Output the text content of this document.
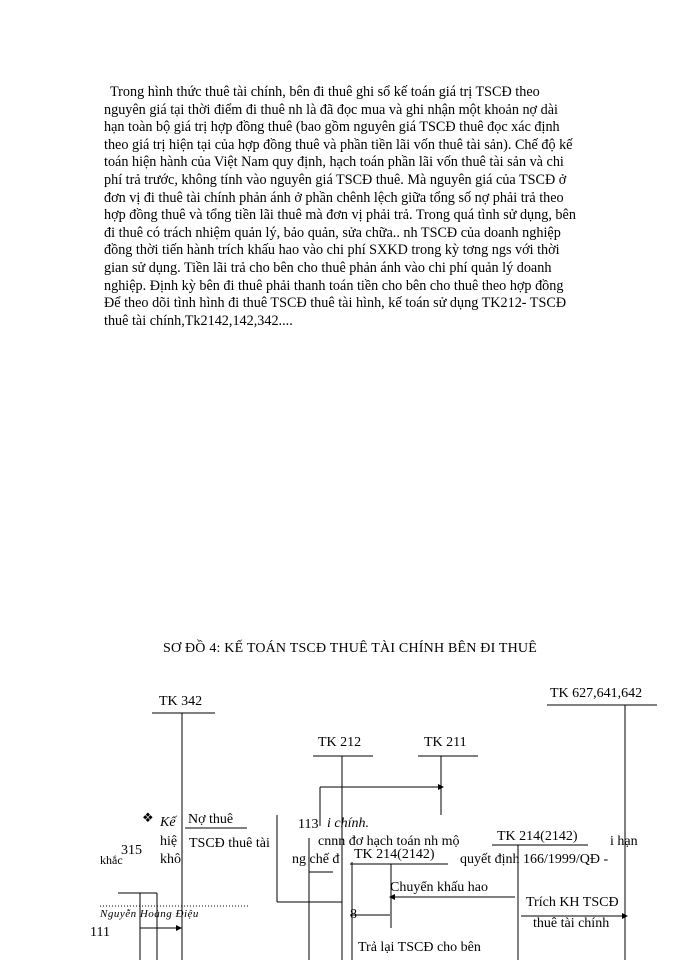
Trong hình thức thuê tài chính, bên đi thuê ghi sổ kế toán giá trị TSCĐ theo
nguyên giá tại thời điểm đi thuê nh là đã đọc mua và ghi nhận một khoản nợ dài
hạn toàn bộ giá trị hợp đồng thuê (bao gồm nguyên giá TSCĐ thuê đọc xác định
theo giá trị hiện tại của hợp đồng thuê và phần tiền lãi vốn thuê tài sản). Chế độ kế
toán hiện hành của Việt Nam quy định, hạch toán phần lãi vốn thuê tài sản và chi
phí trả trước, không tính vào nguyên giá TSCĐ thuê. Mà nguyên giá của TSCĐ ở
đơn vị đi thuê tài chính phản ánh ở phần chênh lệch giữa tổng số nợ phải trả theo
hợp đồng thuê và tổng tiền lãi thuê mà đơn vị phải trả. Trong quá tình sử dụng, bên
đi thuê có trách nhiệm quản lý, bảo quản, sửa chữa.. nh TSCĐ của doanh nghiệp
đồng thời tiến hành trích khấu hao vào chi phí SXKD trong kỳ tơng ngs với thời
gian sử dụng. Tiền lãi trả cho bên cho thuê phản ánh vào chi phí quản lý doanh
nghiệp. Định kỳ bên đi thuê phải thanh toán tiền cho bên cho thuê theo hợp đồng
Để theo dõi tình hình đi thuê TSCĐ thuê tài hình, kế toán sử dụng TK212- TSCĐ
thuê tài chính,Tk2142,142,342....
SƠ ĐỒ 4: KẾ TOÁN TSCĐ THUÊ TÀI CHÍNH BÊN ĐI THUÊ
TK 342
TK 627,641,642
TK 212	TK 211
315
TK 214(2142)
TK 214(2142)
113
111
8
Nợ thuê
TSCĐ thuê tài
Chuyển khấu hao
Trích KH TSCĐ
thuê tài chính
Trả lại TSCĐ cho bên
❖ Kế	i chính.
hiệ
khắc	khô
i hạn
cnnn đơ hạch toán nh mộ
ng chế đ	quyết định 166/1999/QĐ -
Nguyễn Hoàng Điệu
